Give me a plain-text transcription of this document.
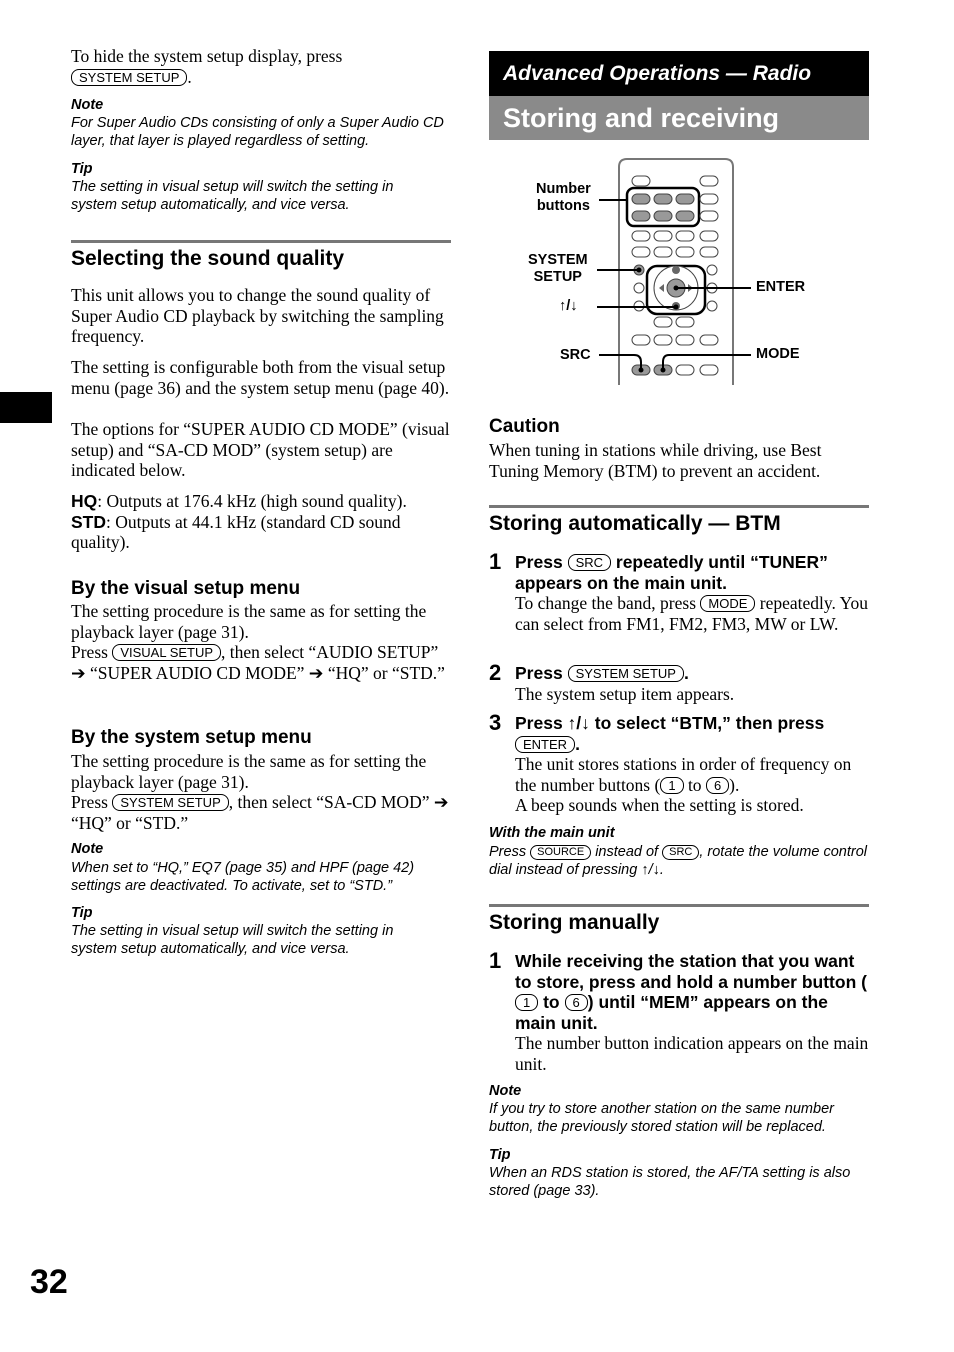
To hide the system setup display, press
SYSTEM SETUP .
Note
For Super Audio CDs consisting of only a Super Audio CD layer, that layer is played regardless of setting.
Tip
The setting in visual setup will switch the setting in system setup automatically, and vice versa.
Selecting the sound quality
This unit allows you to change the sound quality of Super Audio CD playback by switching the sampling frequency.
The setting is configurable both from the visual setup menu (page 36) and the system setup menu (page 40).
The options for “SUPER AUDIO CD MODE” (visual setup) and “SA-CD MOD” (system setup) are indicated below.
HQ: Outputs at 176.4 kHz (high sound quality).
STD: Outputs at 44.1 kHz (standard CD sound quality).
By the visual setup menu
The setting procedure is the same as for setting the playback layer (page 31).
Press VISUAL SETUP , then select “AUDIO SETUP” ➔ “SUPER AUDIO CD MODE” ➔ “HQ” or “STD.”
By the system setup menu
The setting procedure is the same as for setting the playback layer (page 31).
Press SYSTEM SETUP , then select “SA-CD MOD” ➔ “HQ” or “STD.”
Note
When set to “HQ,” EQ7 (page 35) and HPF (page 42) settings are deactivated. To activate, set to “STD.”
Tip
The setting in visual setup will switch the setting in system setup automatically, and vice versa.
Advanced Operations — Radio
Storing and receiving stations
Number
buttons
SYSTEM
SETUP
↑/↓
SRC
ENTER
MODE
Caution
When tuning in stations while driving, use Best Tuning Memory (BTM) to prevent an accident.
Storing automatically — BTM
1 Press SRC repeatedly until “TUNER” appears on the main unit.
To change the band, press MODE repeatedly. You can select from FM1, FM2, FM3, MW or LW.
2 Press SYSTEM SETUP .
The system setup item appears.
3 Press ↑/↓ to select “BTM,” then press ENTER .
The unit stores stations in order of frequency on the number buttons ( 1 to 6 ).
A beep sounds when the setting is stored.
With the main unit
Press SOURCE instead of SRC , rotate the volume control dial instead of pressing ↑/↓.
Storing manually
1 While receiving the station that you want to store, press and hold a number button (1 to 6 ) until “MEM” appears on the main unit.
The number button indication appears on the main unit.
Note
If you try to store another station on the same number button, the previously stored station will be replaced.
Tip
When an RDS station is stored, the AF/TA setting is also stored (page 33).
32
